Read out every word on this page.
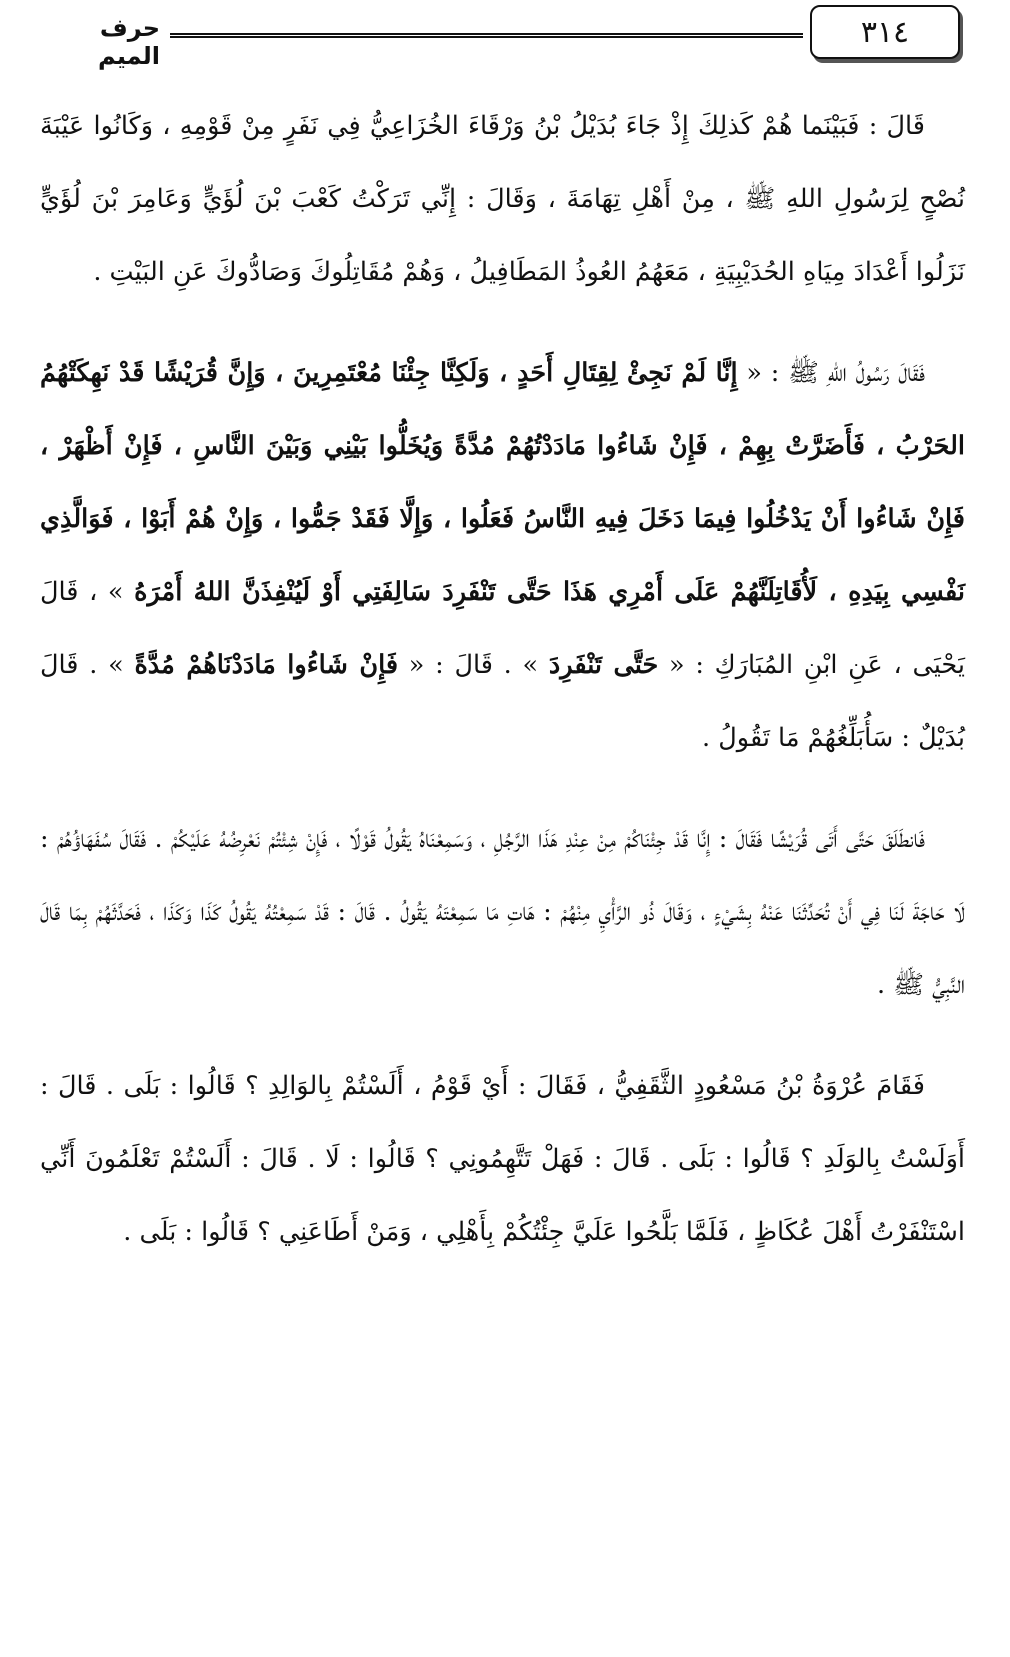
٣١٤
حرف الميم

قَالَ : فَبَيْنَما هُمْ كَذلِكَ إِذْ جَاءَ بُدَيْلُ بْنُ وَرْقَاءَ الخُزَاعِيُّ فِي نَفَرٍ مِنْ قَوْمِهِ ، وَكَانُوا عَيْبَةَ نُصْحٍ لِرَسُولِ اللهِ ﷺ ، مِنْ أَهْلِ تِهَامَةَ ، وَقَالَ : إِنِّي تَرَكْتُ كَعْبَ بْنَ لُؤَيٍّ وَعَامِرَ بْنَ لُؤَيٍّ نَزَلُوا أَعْدَادَ مِيَاهِ الحُدَيْبِيَةِ ، مَعَهُمُ العُوذُ المَطَافِيلُ ، وَهُمْ مُقَاتِلُوكَ وَصَادُّوكَ عَنِ البَيْتِ .

فَقَالَ رَسُولُ اللهِ ﷺ : « إِنَّا لَمْ نَجِئْ لِقِتَالِ أَحَدٍ ، وَلَكِنَّا جِئْنَا مُعْتَمِرِينَ ، وَإِنَّ قُرَيْشًا قَدْ نَهِكَتْهُمُ الحَرْبُ ، فَأَضَرَّتْ بِهِمْ ، فَإِنْ شَاءُوا مَادَدْتُهُمْ مُدَّةً وَيُخَلُّوا بَيْنِي وَبَيْنَ النَّاسِ ، فَإِنْ أَظْهَرْ ، فَإِنْ شَاءُوا أَنْ يَدْخُلُوا فِيمَا دَخَلَ فِيهِ النَّاسُ فَعَلُوا ، وَإِلَّا فَقَدْ جَمُّوا ، وَإِنْ هُمْ أَبَوْا ، فَوَالَّذِي نَفْسِي بِيَدِهِ ، لَأُقَاتِلَنَّهُمْ عَلَى أَمْرِي هَذَا حَتَّى تَنْفَرِدَ سَالِفَتِي أَوْ لَيُنْفِذَنَّ اللهُ أَمْرَهُ » ، قَالَ يَحْيَى ، عَنِ ابْنِ المُبَارَكِ : « حَتَّى تَنْفَرِدَ » . قَالَ : « فَإِنْ شَاءُوا مَادَدْنَاهُمْ مُدَّةً » . قَالَ بُدَيْلٌ : سَأُبَلِّغُهُمْ مَا تَقُولُ .

فَانطَلَقَ حَتَّى أَتَى قُرَيْشًا فَقَالَ : إِنَّا قَدْ جِئْنَاكُمْ مِنْ عِنْدِ هَذَا الرَّجُلِ ، وَسَمِعْنَاهُ يَقُولُ قَوْلًا ، فَإِنْ شِئْتُمْ نَعْرِضُهُ عَلَيْكُمْ . فَقَالَ سُفَهَاؤُهُمْ : لَا حَاجَةَ لَنَا فِي أَنْ تُحَدِّثَنَا عَنْهُ بِشَيْءٍ ، وَقَالَ ذُو الرَّأْيِ مِنْهُمْ : هَاتِ مَا سَمِعْتَهُ يَقُولُ . قَالَ : قَدْ سَمِعْتُهُ يَقُولُ كَذَا وَكَذَا ، فَحَدَّثَهُمْ بِمَا قَالَ النَّبِيُّ ﷺ .

فَقَامَ عُرْوَةُ بْنُ مَسْعُودٍ الثَّقَفِيُّ ، فَقَالَ : أَيْ قَوْمُ ، أَلَسْتُمْ بِالوَالِدِ ؟ قَالُوا : بَلَى . قَالَ : أَوَلَسْتُ بِالوَلَدِ ؟ قَالُوا : بَلَى . قَالَ : فَهَلْ تَتَّهِمُونِي ؟ قَالُوا : لَا . قَالَ : أَلَسْتُمْ تَعْلَمُونَ أَنِّي اسْتَنْفَرْتُ أَهْلَ عُكَاظٍ ، فَلَمَّا بَلَّحُوا عَلَيَّ جِئْتُكُمْ بِأَهْلِي ، وَمَنْ أَطَاعَنِي ؟ قَالُوا : بَلَى .
